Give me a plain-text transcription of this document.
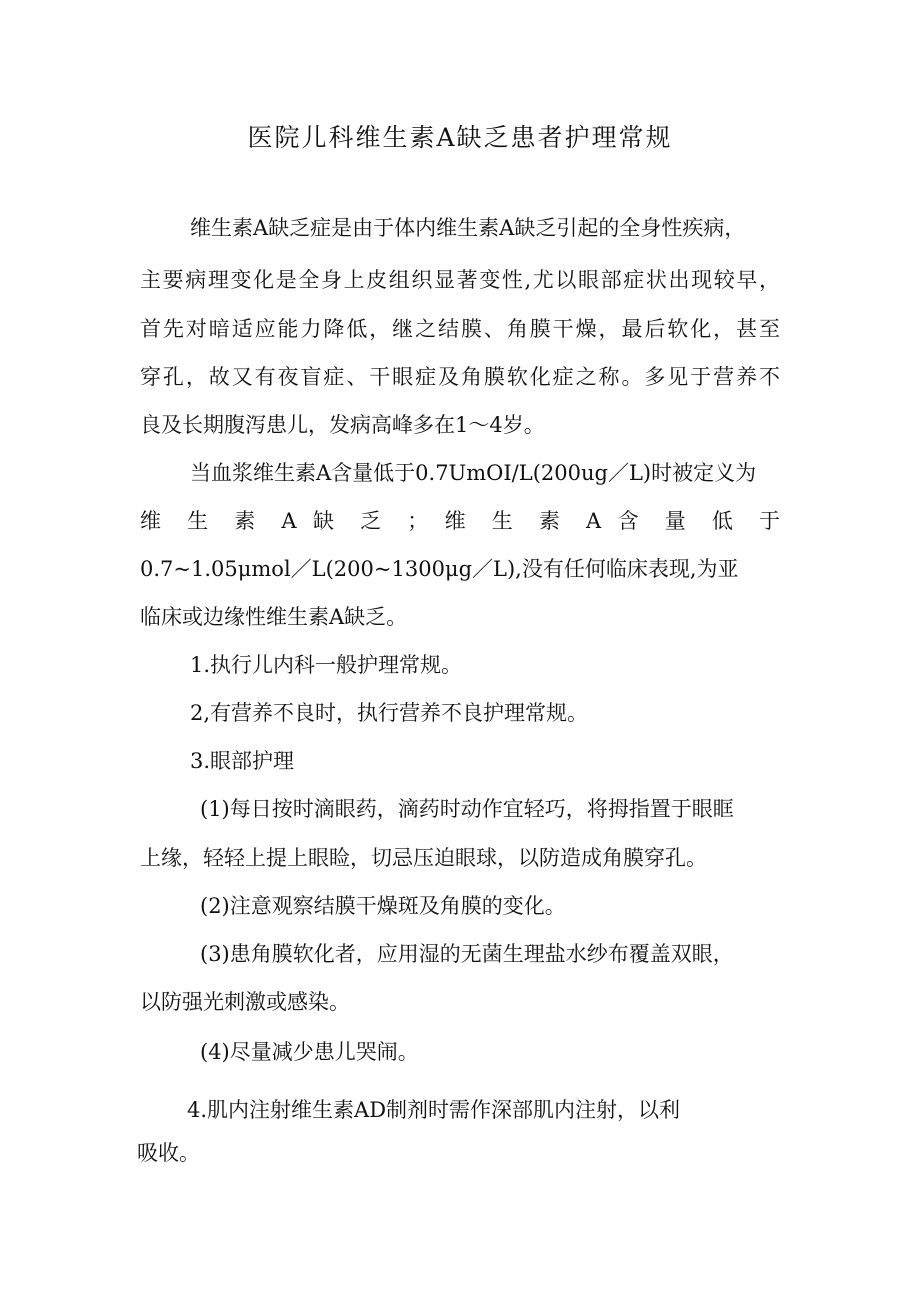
医院儿科维生素A缺乏患者护理常规
维生素A缺乏症是由于体内维生素A缺乏引起的全身性疾病，
主要病理变化是全身上皮组织显著变性,尤以眼部症状出现较早，
首先对暗适应能力降低，继之结膜、角膜干燥，最后软化，甚至
穿孔，故又有夜盲症、干眼症及角膜软化症之称。多见于营养不
良及长期腹泻患儿，发病高峰多在1～4岁。
当血浆维生素A含量低于0.7UmOI/L(200ug／L)时被定义为
维 生 素 A 缺 乏 ； 维 生 素 A 含 量 低 于
0.7~1.05μmol／L(200~1300μg／L),没有任何临床表现,为亚
临床或边缘性维生素A缺乏。
1.执行儿内科一般护理常规。
2,有营养不良时，执行营养不良护理常规。
3.眼部护理
(1)每日按时滴眼药，滴药时动作宜轻巧，将拇指置于眼眶
上缘，轻轻上提上眼睑，切忌压迫眼球，以防造成角膜穿孔。
(2)注意观察结膜干燥斑及角膜的变化。
(3)患角膜软化者，应用湿的无菌生理盐水纱布覆盖双眼，
以防强光刺激或感染。
(4)尽量减少患儿哭闹。
4.肌内注射维生素AD制剂时需作深部肌内注射，以利
吸收。
